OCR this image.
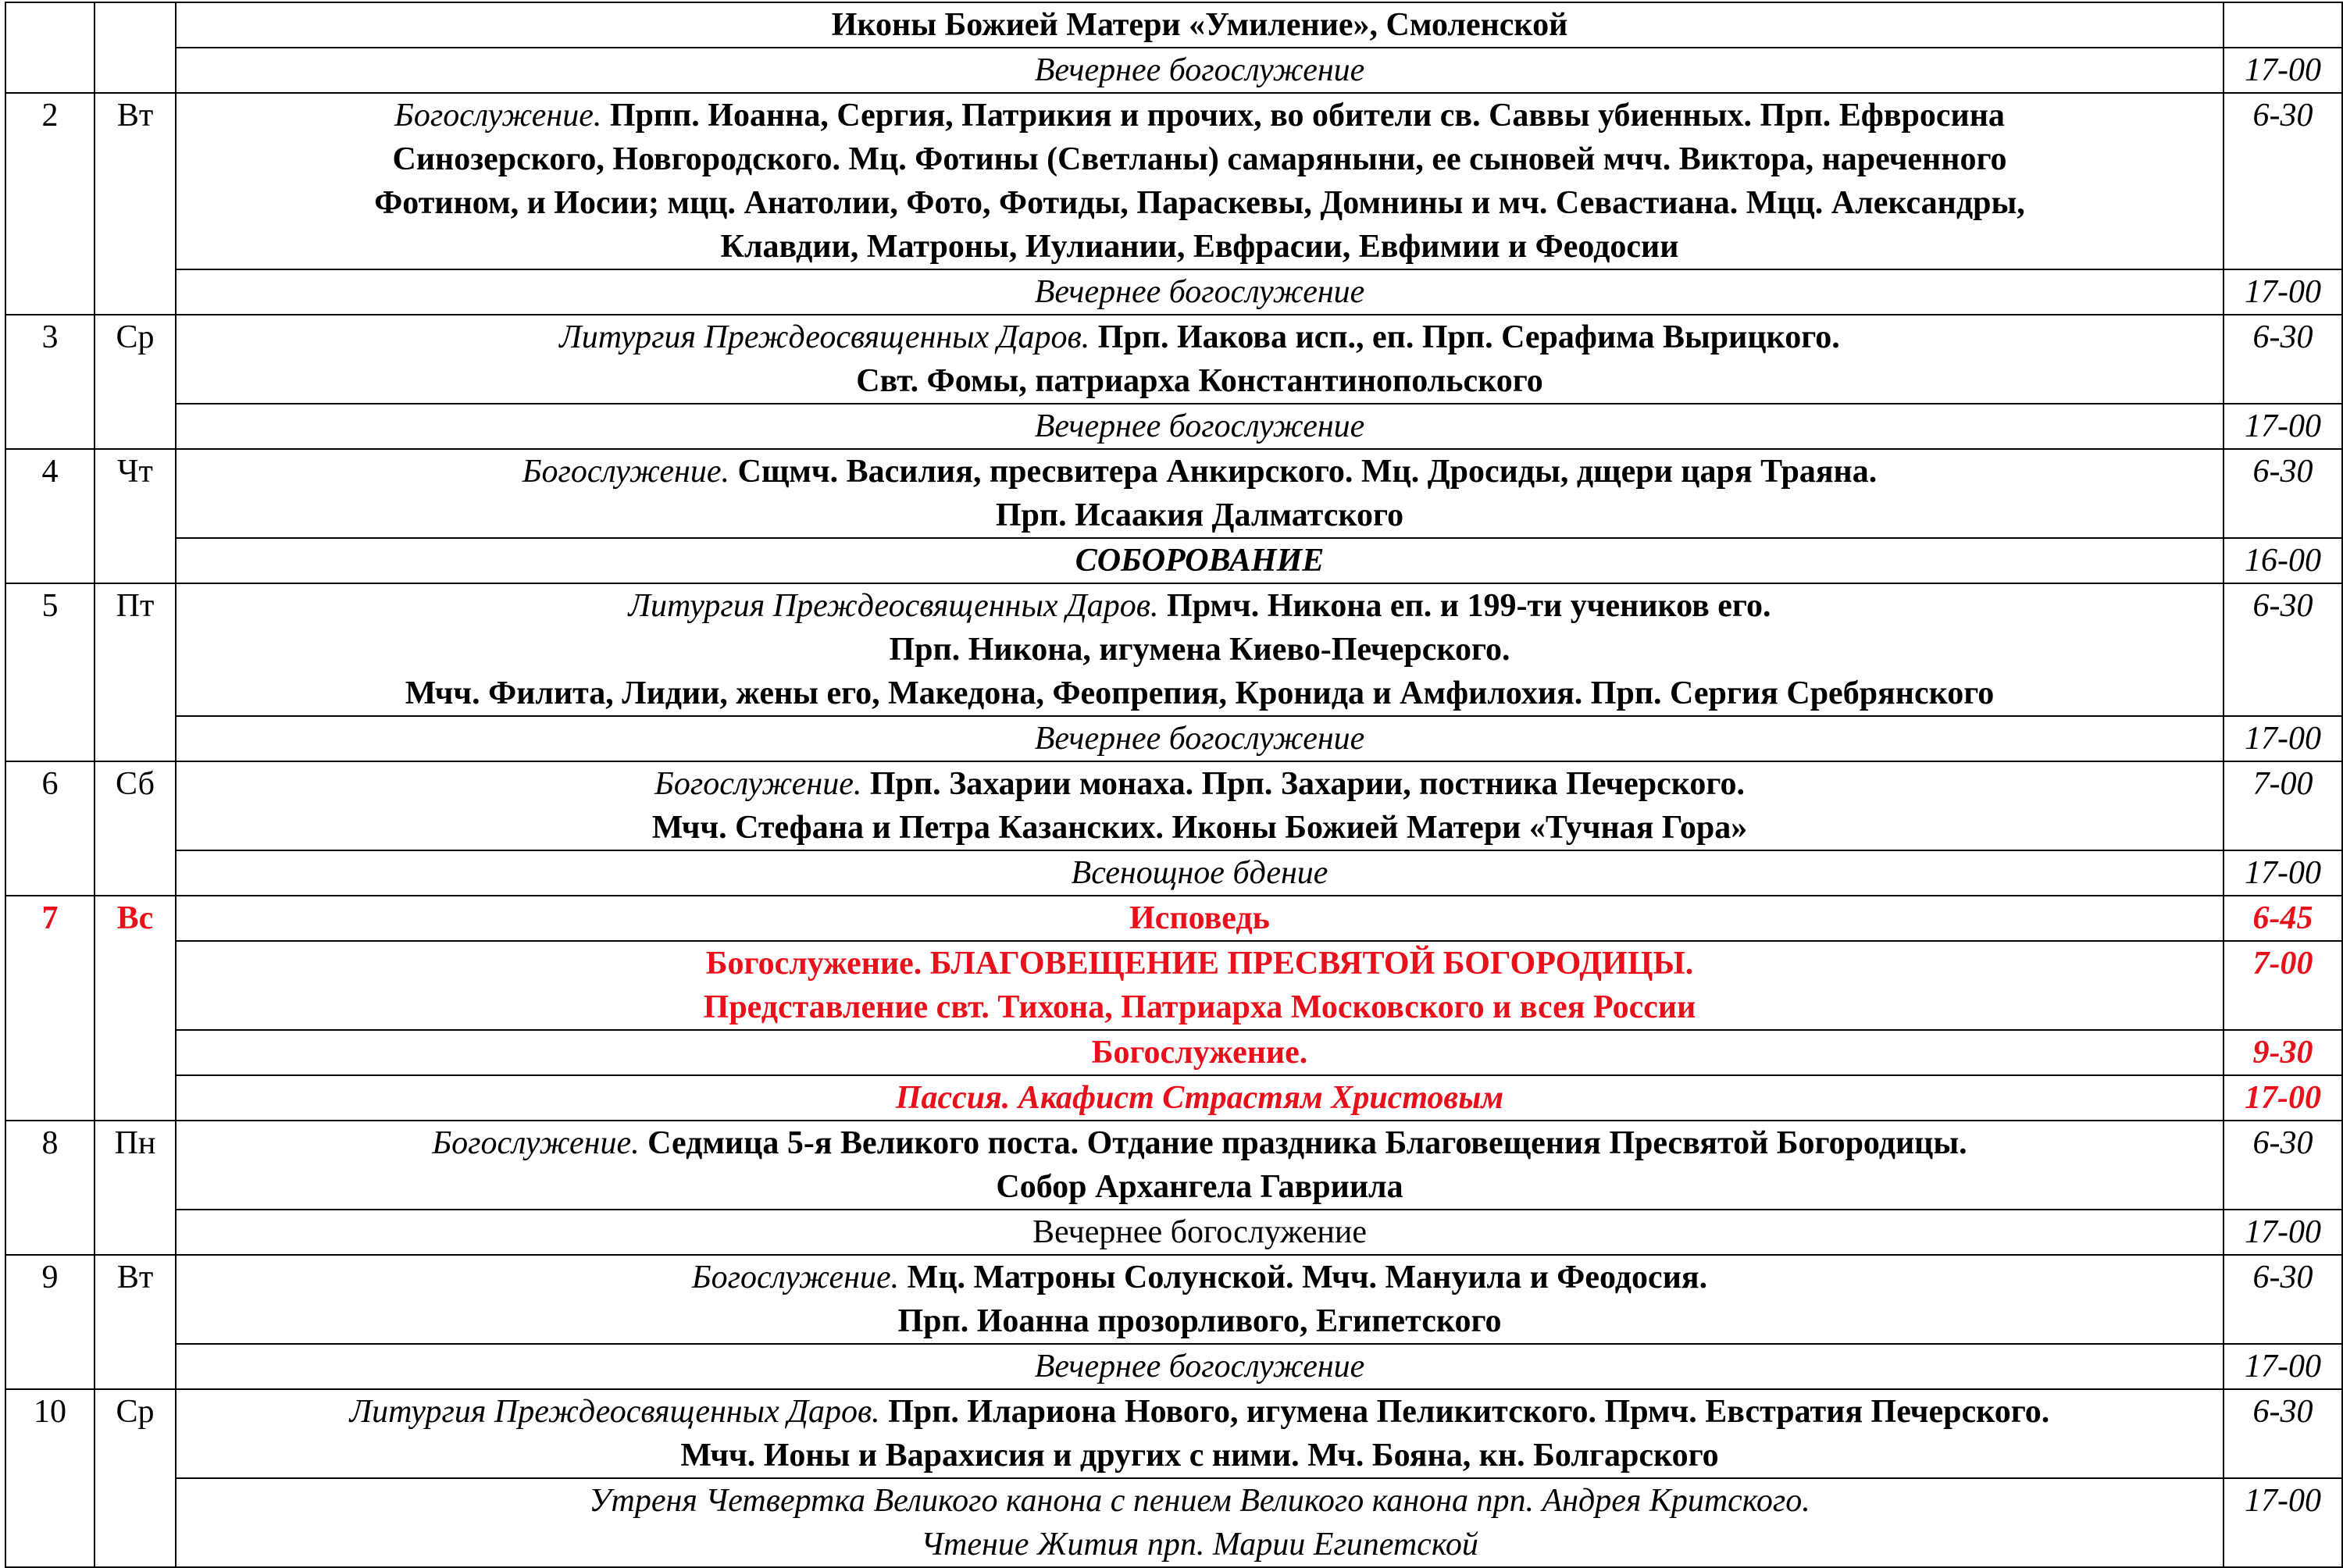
		Иконы Божией Матери «Умиление», Смоленской	
		Вечернее богослужение	17-00
2	Вт	Богослужение. Прпп. Иоанна, Сергия, Патрикия и прочих, во обители св. Саввы убиенных. Прп. Ефвросина
Синозерского, Новгородского. Мц. Фотины (Светланы) самаряныни, ее сыновей мчч. Виктора, нареченного
Фотином, и Иосии; мцц. Анатолии, Фото, Фотиды, Параскевы, Домнины и мч. Севастиана. Мцц. Александры,
Клавдии, Матроны, Иулиании, Евфрасии, Евфимии и Феодосии	6-30
		Вечернее богослужение	17-00
3	Ср	Литургия Преждеосвященных Даров. Прп. Иакова исп., еп. Прп. Серафима Вырицкого.
Свт. Фомы, патриарха Константинопольского	6-30
		Вечернее богослужение	17-00
4	Чт	Богослужение. Сщмч. Василия, пресвитера Анкирского. Мц. Дросиды, дщери царя Траяна.
Прп. Исаакия Далматского	6-30
		СОБОРОВАНИЕ	16-00
5	Пт	Литургия Преждеосвященных Даров. Прмч. Никона еп. и 199-ти учеников его.
Прп. Никона, игумена Киево-Печерского.
Мчч. Филита, Лидии, жены его, Македона, Феопрепия, Кронида и Амфилохия. Прп. Сергия Сребрянского	6-30
		Вечернее богослужение	17-00
6	Сб	Богослужение. Прп. Захарии монаха. Прп. Захарии, постника Печерского.
Мчч. Стефана и Петра Казанских. Иконы Божией Матери «Тучная Гора»	7-00
		Всенощное бдение	17-00
7	Вс	Исповедь	6-45

		Богослужение. БЛАГОВЕЩЕНИЕ ПРЕСВЯТОЙ БОГОРОДИЦЫ.
Представление свт. Тихона, Патриарха Московского и всея России	7-00
		Богослужение.	9-30
		Пассия. Акафист Страстям Христовым	17-00
8	Пн	Богослужение. Седмица 5-я Великого поста. Отдание праздника Благовещения Пресвятой Богородицы.
Собор Архангела Гавриила	6-30
		Вечернее богослужение	17-00
9	Вт	Богослужение. Мц. Матроны Солунской. Мчч. Мануила и Феодосия.
Прп. Иоанна прозорливого, Египетского	6-30
		Вечернее богослужение	17-00
10	Ср	Литургия Преждеосвященных Даров. Прп. Илариона Нового, игумена Пеликитского. Прмч. Евстратия Печерского.
Мчч. Ионы и Варахисия и других с ними. Мч. Бояна, кн. Болгарского	6-30

		Утреня Четвертка Великого канона с пением Великого канона прп. Андрея Критского.
Чтение Жития прп. Марии Египетской	17-00
